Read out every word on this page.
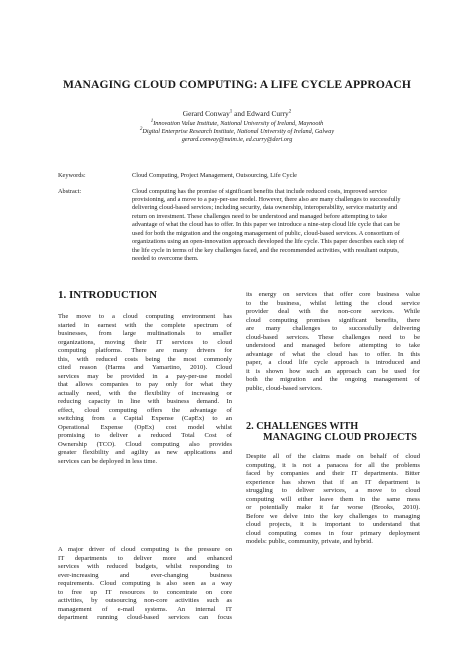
MANAGING CLOUD COMPUTING: A LIFE CYCLE APPROACH
Gerard Conway$^1$ and Edward Curry$^2$
$^1$Innovation Value Institute, National University of Ireland, Maynooth
$^2$Digital Enterprise Research Institute, National University of Ireland, Galway
gerard.conway@nuim.ie, ed.curry@deri.org
Keywords:	Cloud Computing, Project Management, Outsourcing, Life Cycle
Abstract:	Cloud computing has the promise of significant benefits that include reduced costs, improved service
provisioning, and a move to a pay-per-use model. However, there also are many challenges to successfully
delivering cloud-based services; including security, data ownership, interoperability, service maturity and
return on investment. These challenges need to be understood and managed before attempting to take
advantage of what the cloud has to offer. In this paper we introduce a nine-step cloud life cycle that can be
used for both the migration and the ongoing management of public, cloud-based services. A consortium of
organizations using an open-innovation approach developed the life cycle. This paper describes each step of
the life cycle in terms of the key challenges faced, and the recommended activities, with resultant outputs,
needed to overcome them.
1. INTRODUCTION
The move to a cloud computing environment has
started in earnest with the complete spectrum of
businesses, from large multinationals to smaller
organizations, moving their IT services to cloud
computing platforms. There are many drivers for
this, with reduced costs being the most commonly
cited reason (Harms and Yamartino, 2010). Cloud
services may be provided in a pay-per-use model
that allows companies to pay only for what they
actually need, with the flexibility of increasing or
reducing capacity in line with business demand. In
effect, cloud computing offers the advantage of
switching from a Capital Expense (CapEx) to an
Operational Expense (OpEx) cost model whilst
promising to deliver a reduced Total Cost of
Ownership (TCO). Cloud computing also provides
greater flexibility and agility as new applications and
services can be deployed in less time.
A major driver of cloud computing is the pressure on
IT departments to deliver more and enhanced
services with reduced budgets, whilst responding to
ever-increasing and ever-changing business
requirements. Cloud computing is also seen as a way
to free up IT resources to concentrate on core
activities, by outsourcing non-core activities such as
management of e-mail systems. An internal IT
department running cloud-based services can focus
its energy on services that offer core business value
to the business, whilst letting the cloud service
provider deal with the non-core services. While
cloud computing promises significant benefits, there
are many challenges to successfully delivering
cloud-based services. These challenges need to be
understood and managed before attempting to take
advantage of what the cloud has to offer. In this
paper, a cloud life cycle approach is introduced and
it is shown how such an approach can be used for
both the migration and the ongoing management of
public, cloud-based services.
2. CHALLENGES WITH
MANAGING CLOUD PROJECTS
Despite all of the claims made on behalf of cloud
computing, it is not a panacea for all the problems
faced by companies and their IT departments. Bitter
experience has shown that if an IT department is
struggling to deliver services, a move to cloud
computing will either leave them in the same mess
or potentially make it far worse (Brooks, 2010).
Before we delve into the key challenges to managing
cloud projects, it is important to understand that
cloud computing comes in four primary deployment
models: public, community, private, and hybrid.
